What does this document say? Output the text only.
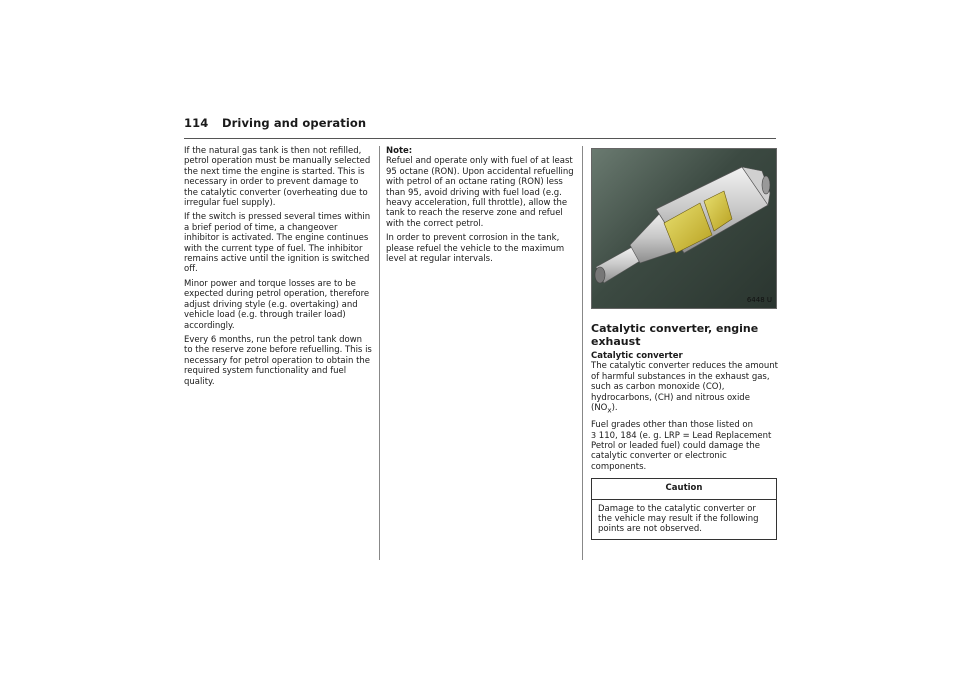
114 Driving and operation

If the natural gas tank is then not refilled, petrol operation must be manually selected the next time the engine is started. This is necessary in order to prevent damage to the catalytic converter (overheating due to irregular fuel supply).

If the switch is pressed several times within a brief period of time, a changeover inhibitor is activated. The engine continues with the current type of fuel. The inhibitor remains active until the ignition is switched off.

Minor power and torque losses are to be expected during petrol operation, therefore adjust driving style (e.g. overtaking) and vehicle load (e.g. through trailer load) accordingly.

Every 6 months, run the petrol tank down to the reserve zone before refuelling. This is necessary for petrol operation to obtain the required system functionality and fuel quality.

Note:
Refuel and operate only with fuel of at least 95 octane (RON). Upon accidental refuelling with petrol of an octane rating (RON) less than 95, avoid driving with fuel load (e.g. heavy acceleration, full throttle), allow the tank to reach the reserve zone and refuel with the correct petrol.

In order to prevent corrosion in the tank, please refuel the vehicle to the maximum level at regular intervals.

6448 U
Catalytic converter, engine exhaust

Catalytic converter
The catalytic converter reduces the amount of harmful substances in the exhaust gas, such as carbon monoxide (CO), hydrocarbons, (CH) and nitrous oxide $(NO_x)$.

Fuel grades other than those listed on
3 110, 184 (e. g. LRP = Lead Replacement Petrol or leaded fuel) could damage the catalytic converter or electronic components.

Caution
Damage to the catalytic converter or the vehicle may result if the following points are not observed.
